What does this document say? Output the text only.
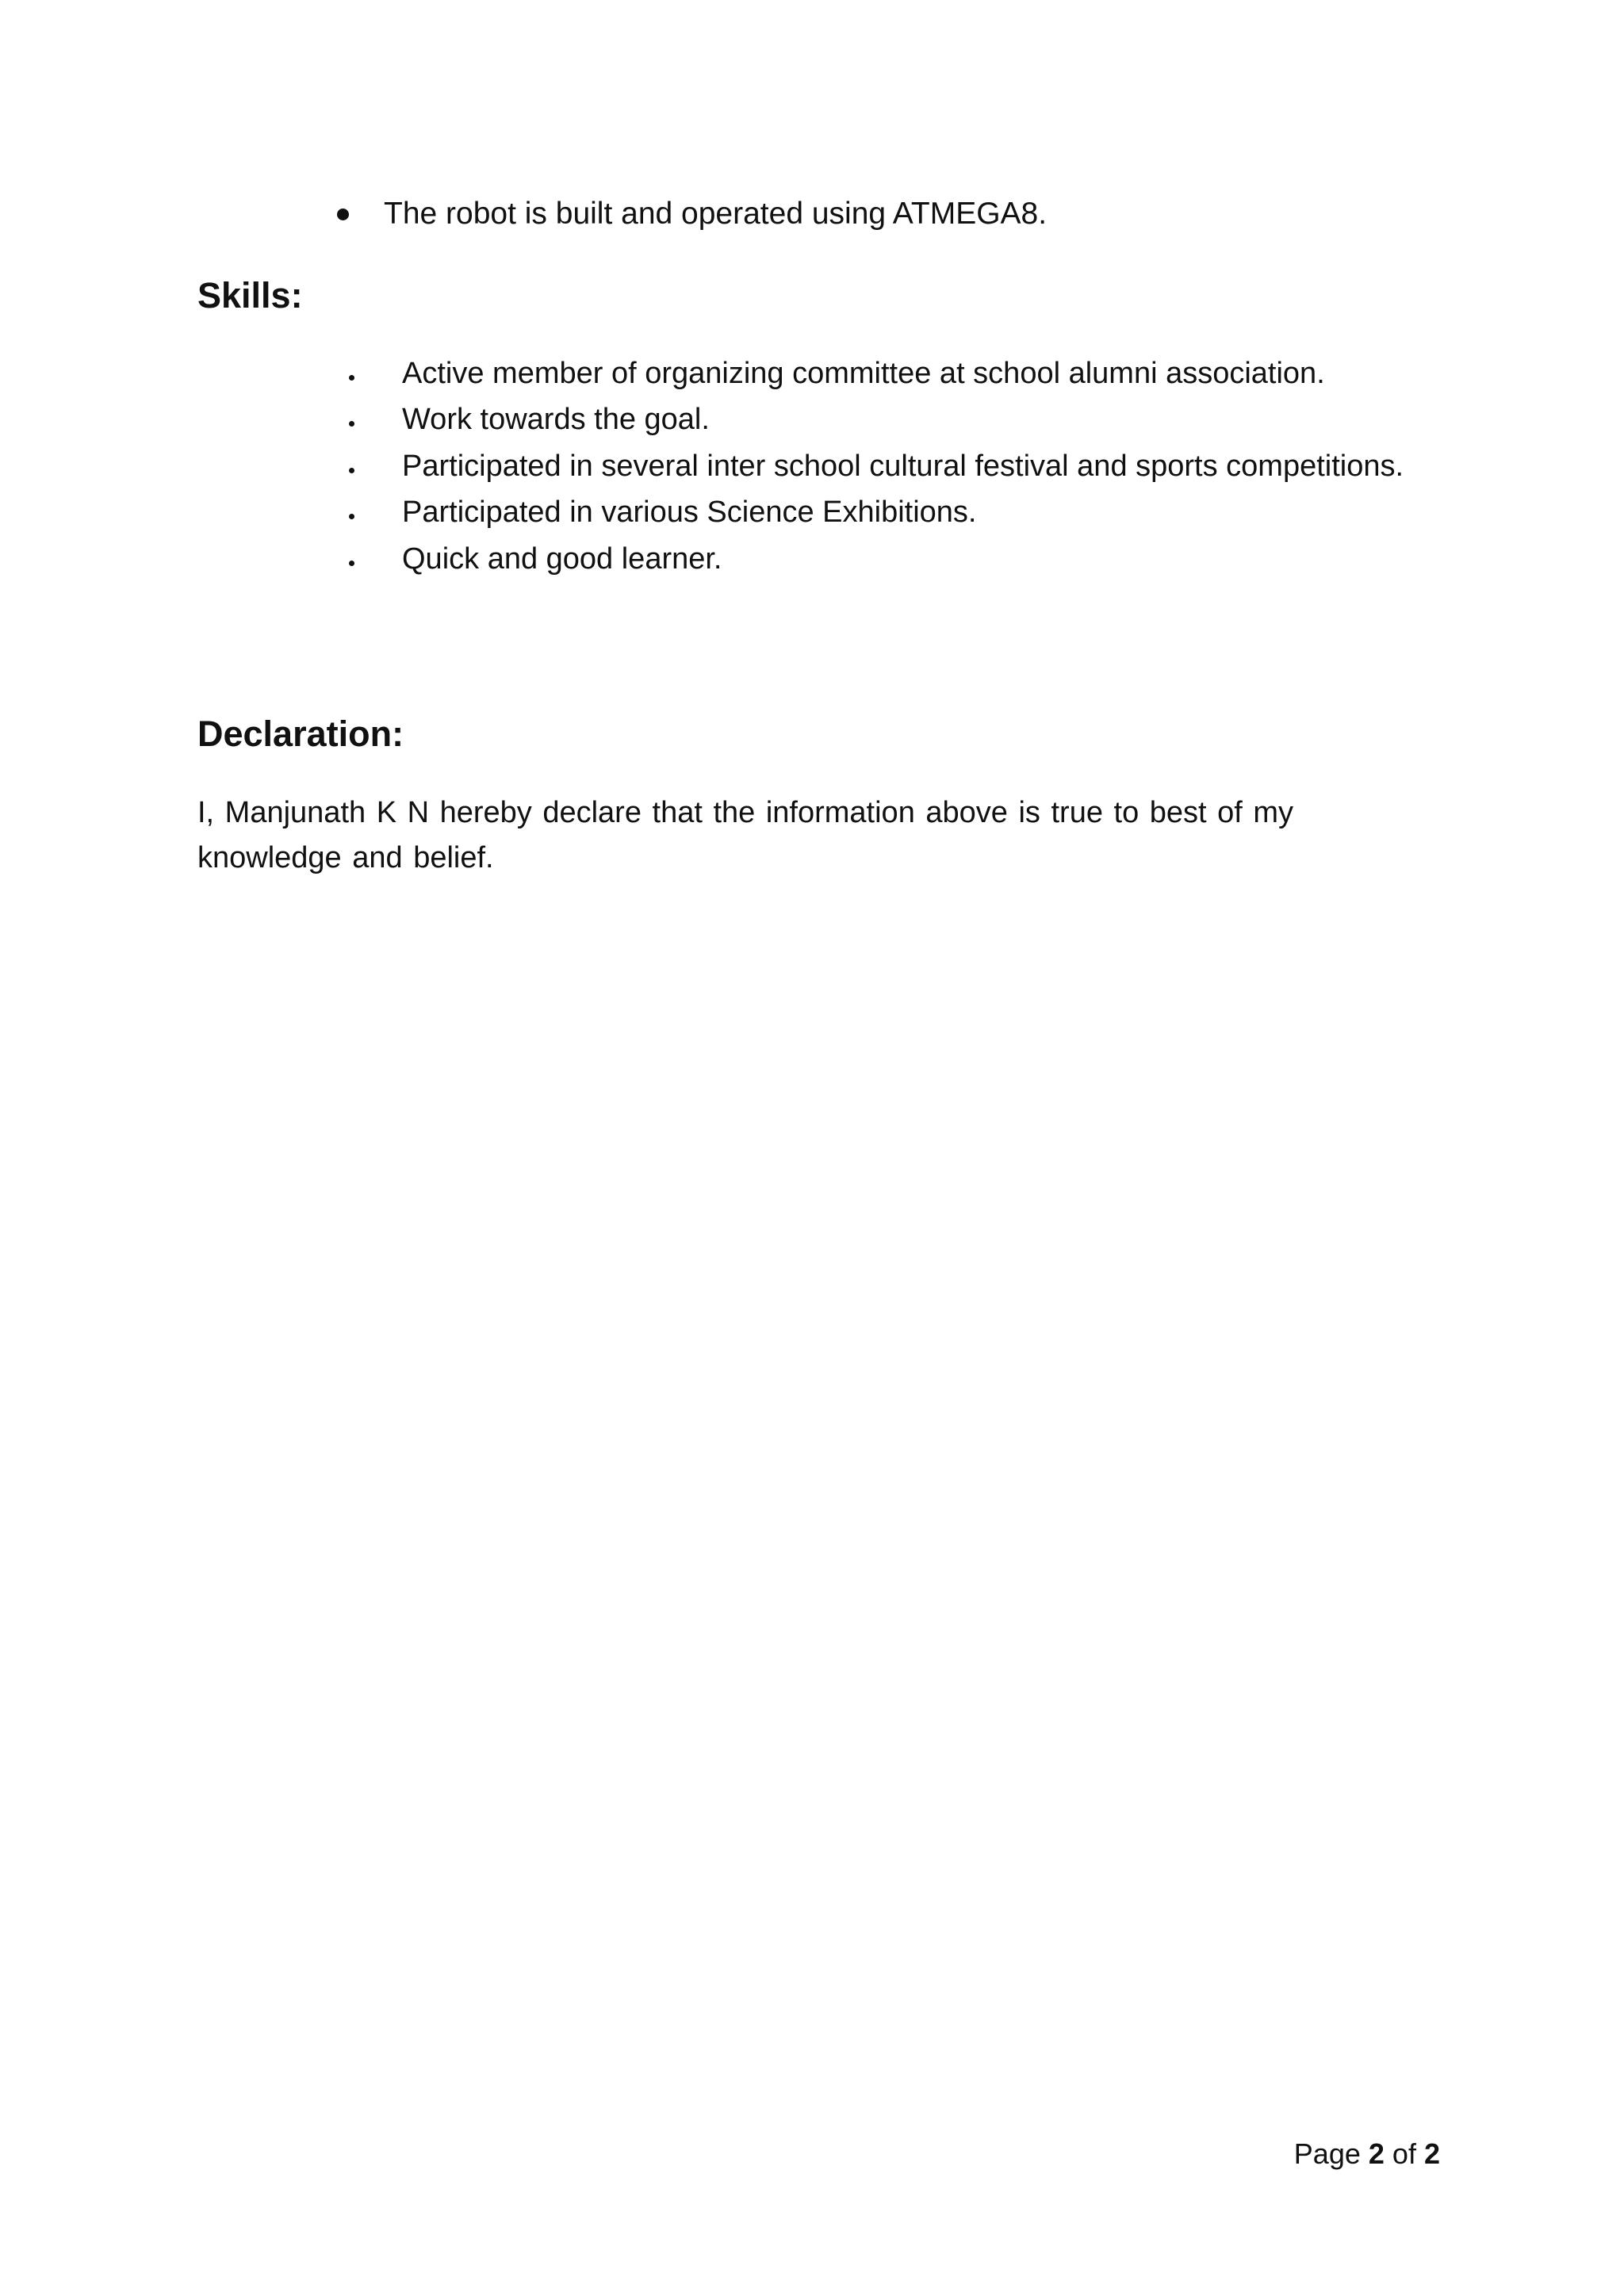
The robot is built and operated using ATMEGA8.
Skills:
Active member of organizing committee at school alumni association.
Work towards the goal.
Participated in several inter school cultural festival and sports competitions.
Participated in various Science Exhibitions.
Quick and good learner.
Declaration:

I, Manjunath K N hereby declare that the information above is true to best of my knowledge and belief.

Page 2 of 2
